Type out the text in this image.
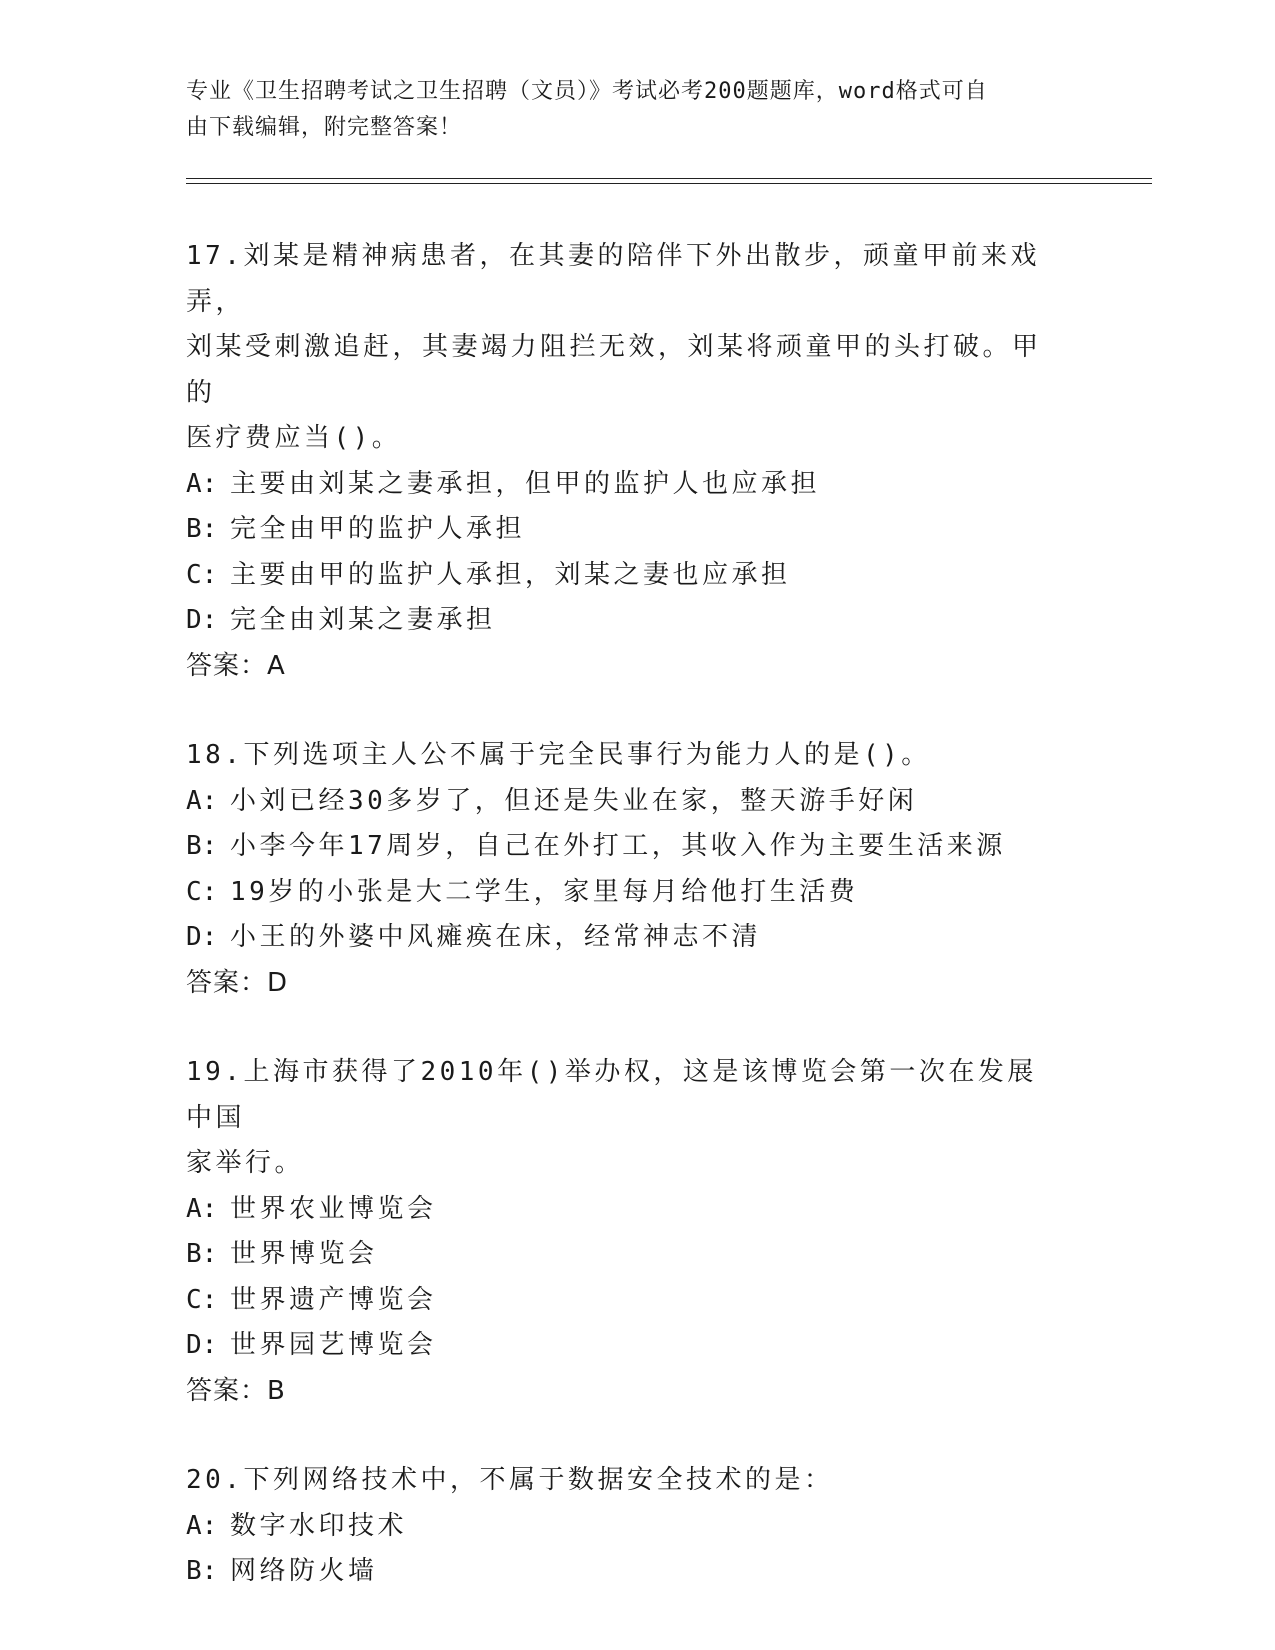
专业《卫生招聘考试之卫生招聘（文员）》考试必考200题题库，word格式可自
由下载编辑，附完整答案！
17.刘某是精神病患者，在其妻的陪伴下外出散步，顽童甲前来戏弄，
刘某受刺激追赶，其妻竭力阻拦无效，刘某将顽童甲的头打破。甲的
医疗费应当()。
A: 主要由刘某之妻承担，但甲的监护人也应承担
B: 完全由甲的监护人承担
C: 主要由甲的监护人承担，刘某之妻也应承担
D: 完全由刘某之妻承担
答案：A
18.下列选项主人公不属于完全民事行为能力人的是()。
A: 小刘已经30多岁了，但还是失业在家，整天游手好闲
B: 小李今年17周岁，自己在外打工，其收入作为主要生活来源
C: 19岁的小张是大二学生，家里每月给他打生活费
D: 小王的外婆中风瘫痪在床，经常神志不清
答案：D
19.上海市获得了2010年()举办权，这是该博览会第一次在发展中国
家举行。
A: 世界农业博览会
B: 世界博览会
C: 世界遗产博览会
D: 世界园艺博览会
答案：B
20.下列网络技术中，不属于数据安全技术的是：
A: 数字水印技术
B: 网络防火墙
